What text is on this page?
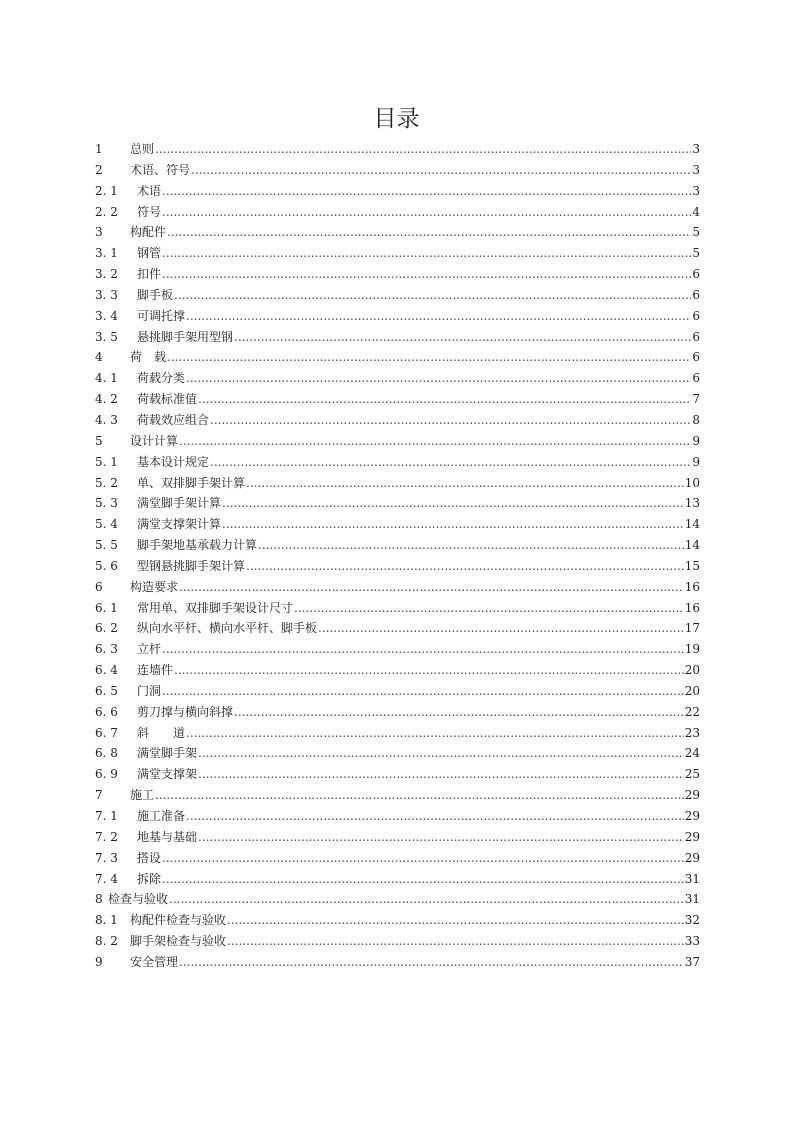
目录
1	总则 .....	3
2	术语、符号 .....	3
2. 1	术语 .....	3
2. 2	符号 .....	4
3	构配件 .....	5
3. 1	钢管 .....	5
3. 2	扣件 .....	6
3. 3	脚手板 .....	6
3. 4	可调托撑 .....	6
3. 5	悬挑脚手架用型钢 .....	6
4	荷　载 .....	6
4. 1	荷载分类 .....	6
4. 2	荷载标准值 .....	7
4. 3	荷载效应组合 .....	8
5	设计计算 .....	9
5. 1	基本设计规定 .....	9
5. 2	单、双排脚手架计算 .....	10
5. 3	满堂脚手架计算 .....	13
5. 4	满堂支撑架计算 .....	14
5. 5	脚手架地基承载力计算 .....	14
5. 6	型钢悬挑脚手架计算 .....	15
6	构造要求 .....	16
6. 1	常用单、双排脚手架设计尺寸 .....	16
6. 2	纵向水平杆、横向水平杆、脚手板 .....	17
6. 3	立杆 .....	19
6. 4	连墙件 .....	20
6. 5	门洞 .....	20
6. 6	剪刀撑与横向斜撑 .....	22
6. 7	斜　　道 .....	23
6. 8	满堂脚手架 .....	24
6. 9	满堂支撑架 .....	25
7	施工 .....	29
7. 1	施工准备 .....	29
7. 2	地基与基础 .....	29
7. 3	搭设 .....	29
7. 4	拆除 .....	31
8 检查与验收 .....	31
8. 1	构配件检查与验收 .....	32
8. 2	脚手架检查与验收 .....	33
9	安全管理 .....	37
